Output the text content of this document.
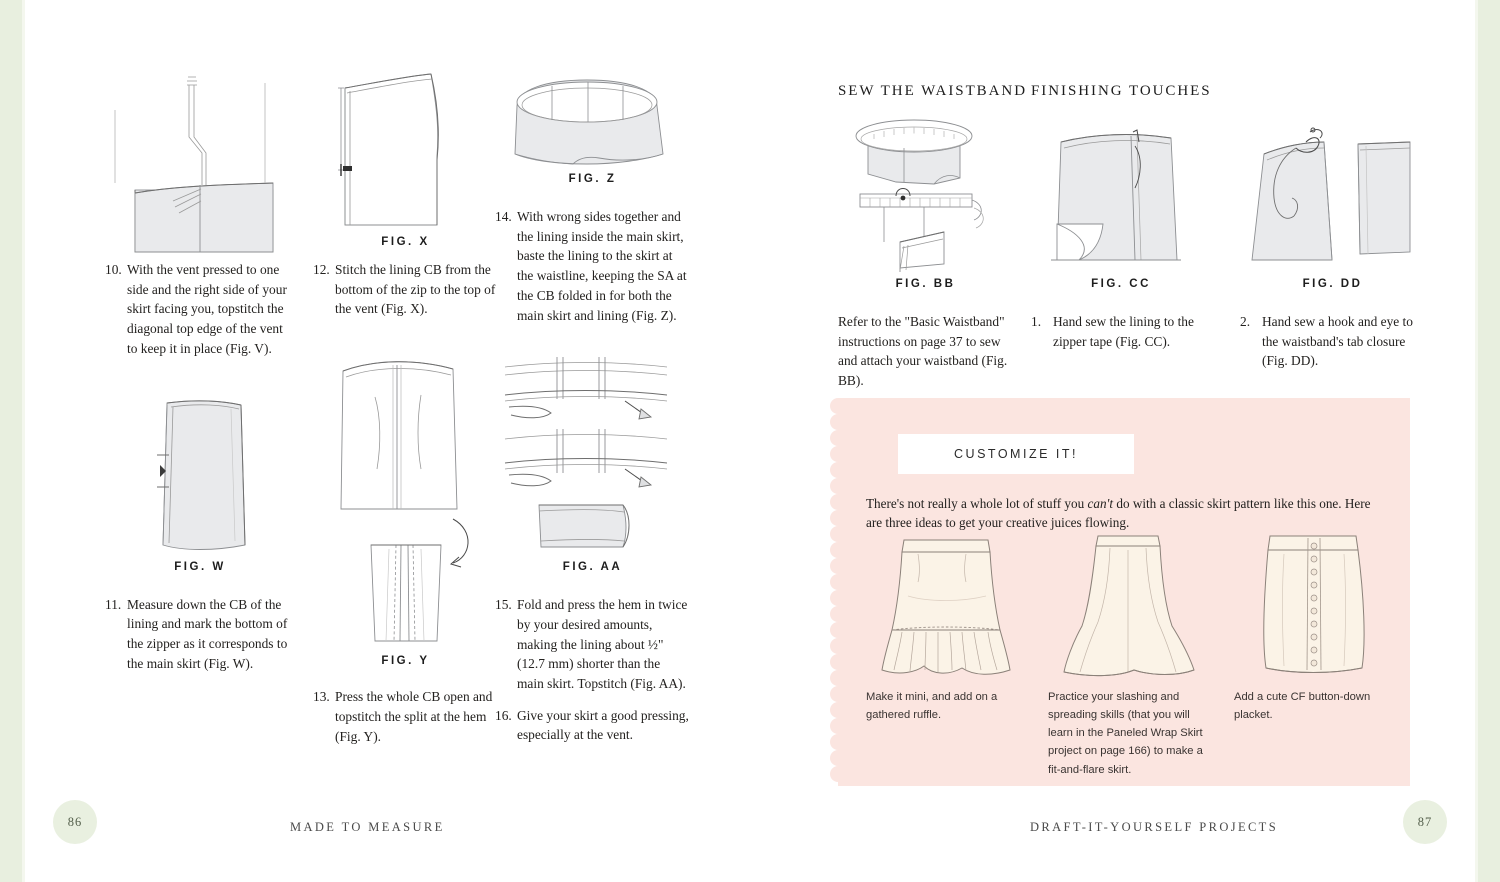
10. With the vent pressed to one side and the right side of your skirt facing you, topstitch the diagonal top edge of the vent to keep it in place (Fig. V).
FIG. W
11. Measure down the CB of the lining and mark the bottom of the zipper as it corresponds to the main skirt (Fig. W).
FIG. X
12. Stitch the lining CB from the bottom of the zip to the top of the vent (Fig. X).
FIG. Y
13. Press the whole CB open and topstitch the split at the hem (Fig. Y).
FIG. Z
14. With wrong sides together and the lining inside the main skirt, baste the lining to the skirt at the waistline, keeping the SA at the CB folded in for both the main skirt and lining (Fig. Z).
FIG. AA
15. Fold and press the hem in twice by your desired amounts, making the lining about ½" (12.7 mm) shorter than the main skirt. Topstitch (Fig. AA).
16. Give your skirt a good pressing, especially at the vent.
86	MADE TO MEASURE
SEW THE WAISTBAND FINISHING TOUCHES
FIG. BB
Refer to the "Basic Waistband" instructions on page 37 to sew and attach your waistband (Fig. BB).
FIG. CC
1. Hand sew the lining to the zipper tape (Fig. CC).
FIG. DD
2. Hand sew a hook and eye to the waistband's tab closure (Fig. DD).
87
DRAFT-IT-YOURSELF PROJECTS
CUSTOMIZE IT!
There's not really a whole lot of stuff you can't do with a classic skirt pattern like this one. Here are three ideas to get your creative juices flowing.
Make it mini, and add on a gathered ruffle.
Practice your slashing and spreading skills (that you will learn in the Paneled Wrap Skirt project on page 166) to make a fit-and-flare skirt.
Add a cute CF button-down placket.
